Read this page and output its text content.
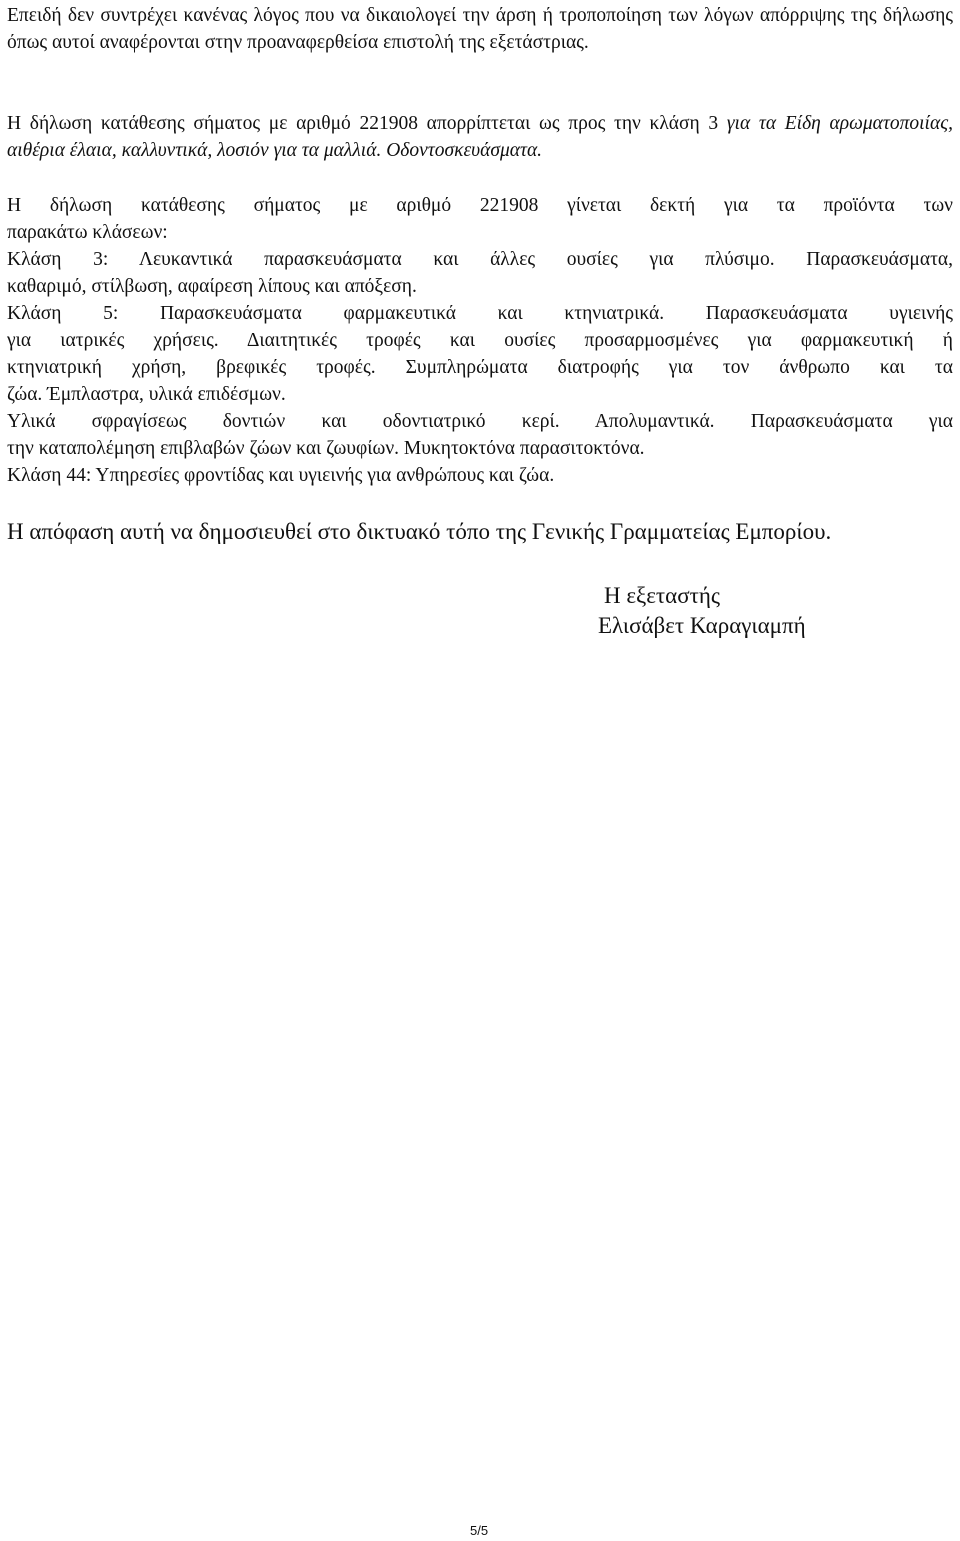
Επειδή δεν συντρέχει κανένας λόγος που να δικαιολογεί την άρση ή τροποποίηση των λόγων απόρριψης της δήλωσης όπως αυτοί αναφέρονται στην προαναφερθείσα επιστολή της εξετάστριας.
Η δήλωση κατάθεσης σήματος με αριθμό 221908 απορρίπτεται ως προς την κλάση 3 για τα Είδη αρωματοποιίας, αιθέρια έλαια, καλλυντικά, λοσιόν για τα μαλλιά. Οδοντοσκευάσματα.
Η δήλωση κατάθεσης σήματος με αριθμό 221908 γίνεται δεκτή για τα προϊόντα των
παρακάτω κλάσεων:
Κλάση 3: Λευκαντικά παρασκευάσματα και άλλες ουσίες για πλύσιμο. Παρασκευάσματα,
καθαριμό, στίλβωση, αφαίρεση λίπους και απόξεση.
Κλάση 5: Παρασκευάσματα φαρμακευτικά και κτηνιατρικά. Παρασκευάσματα υγιεινής
για ιατρικές χρήσεις. Διαιτητικές τροφές και ουσίες προσαρμοσμένες για φαρμακευτική ή
κτηνιατρική χρήση, βρεφικές τροφές. Συμπληρώματα διατροφής για τον άνθρωπο και τα
ζώα. Έμπλαστρα, υλικά επιδέσμων.
Υλικά σφραγίσεως δοντιών και οδοντιατρικό κερί. Απολυμαντικά. Παρασκευάσματα για
την καταπολέμηση επιβλαβών ζώων και ζωυφίων. Μυκητοκτόνα παρασιτοκτόνα.
Κλάση 44: Υπηρεσίες φροντίδας και υγιεινής για ανθρώπους και ζώα.
Η απόφαση αυτή να δημοσιευθεί στο δικτυακό τόπο της Γενικής Γραμματείας Εμπορίου.
Η εξεταστής
Ελισάβετ Καραγιαμπή
5/5
